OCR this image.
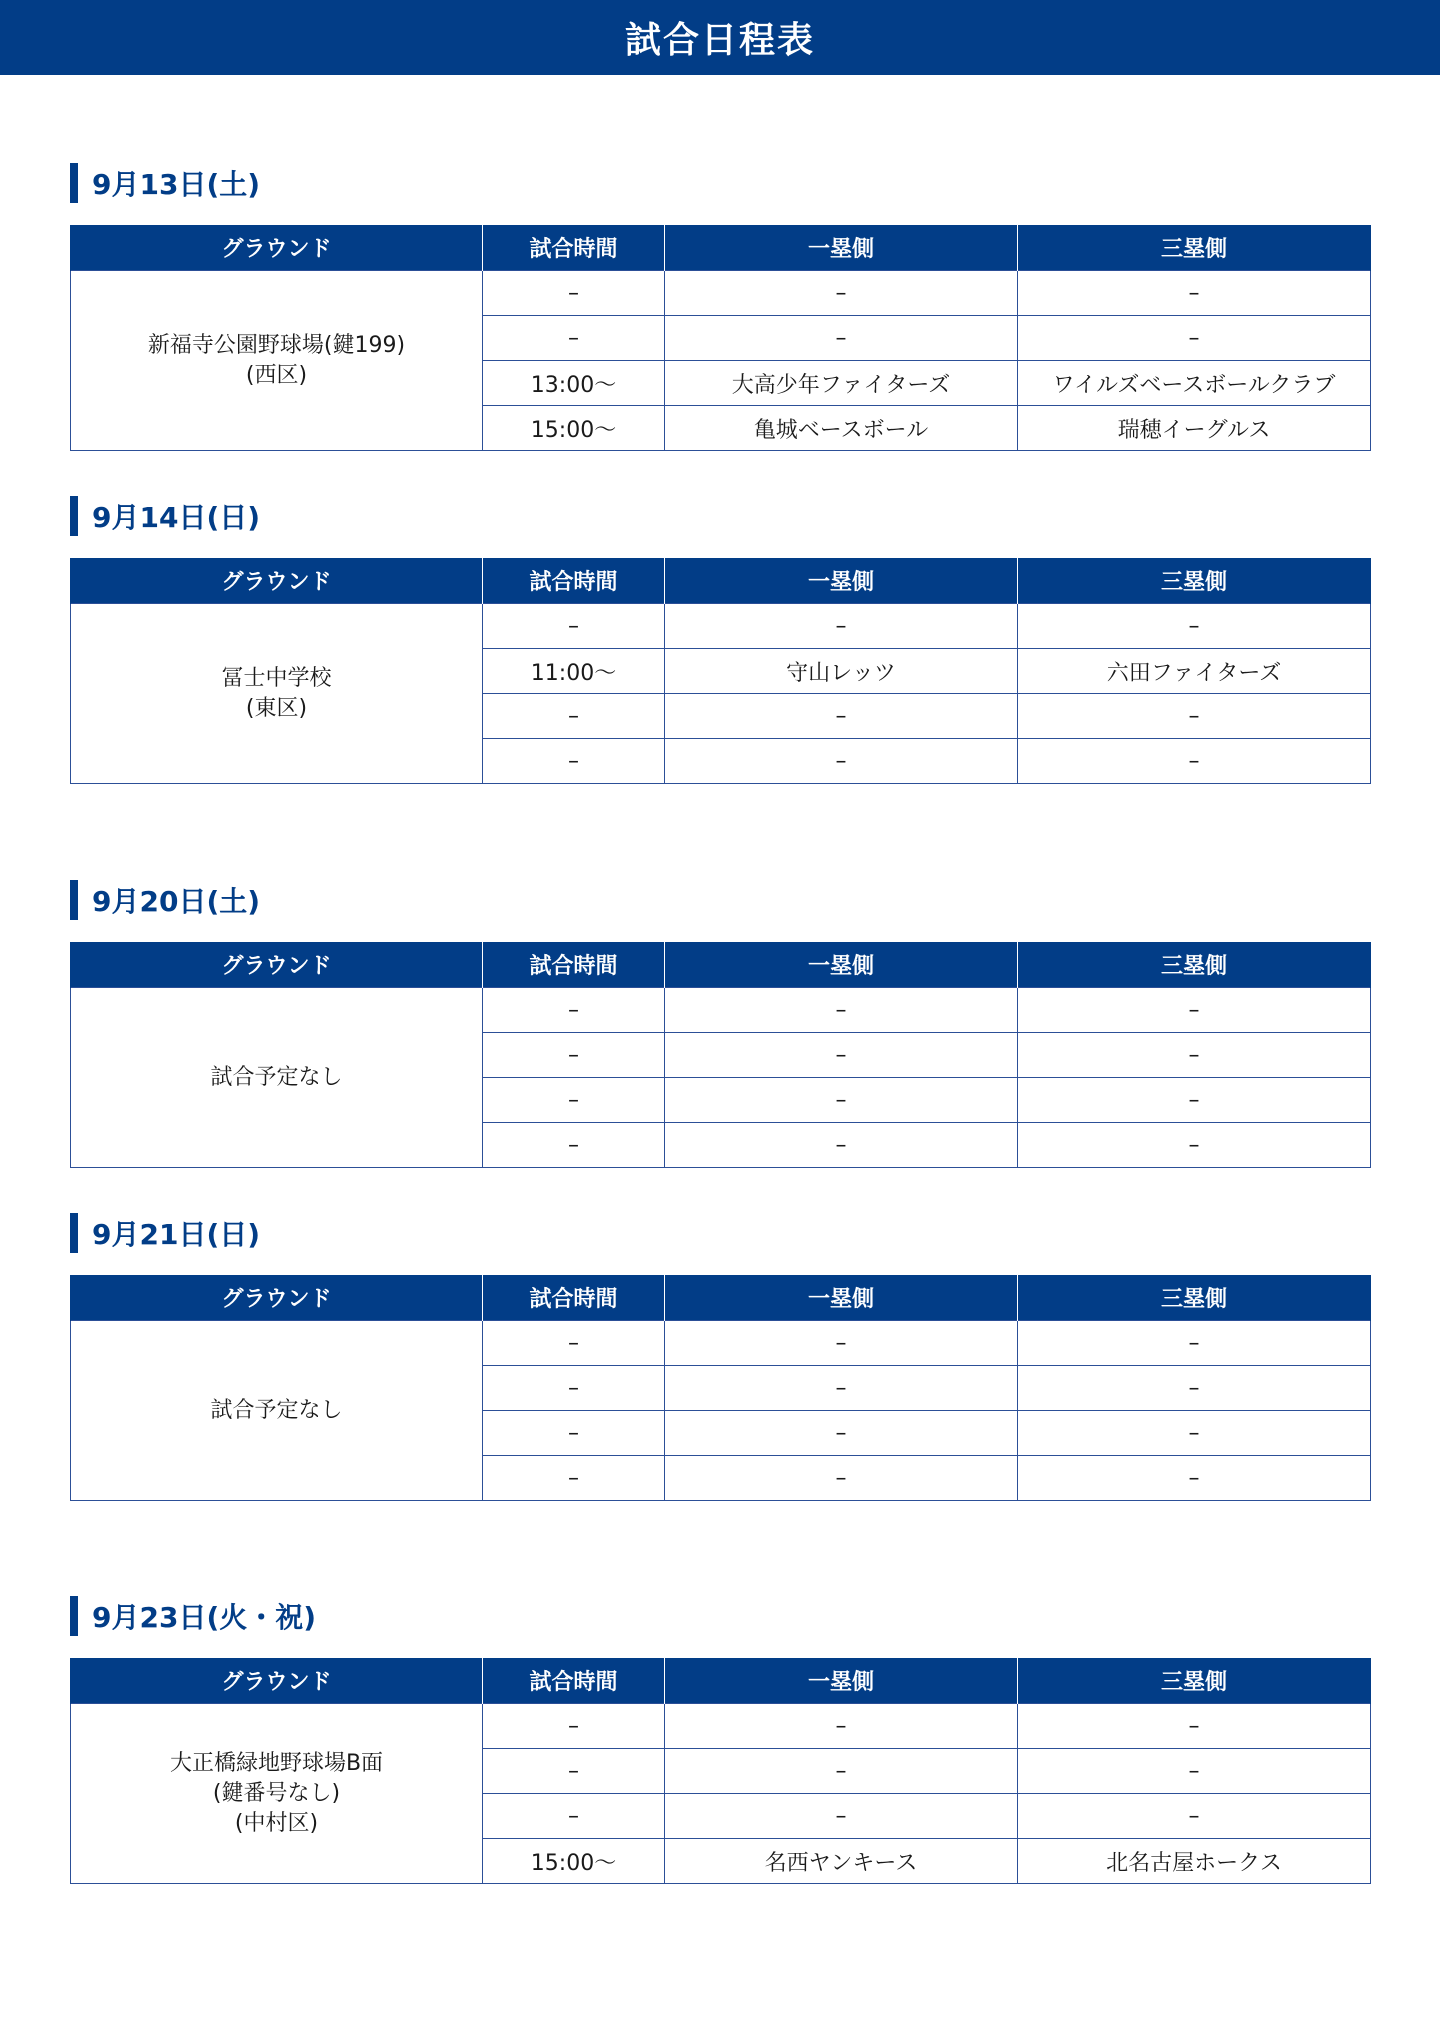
試合日程表
9月13日(土)
グラウンド	試合時間	一塁側	三塁側

新福寺公園野球場(鍵199)
(西区)	–	–	–
	–	–	–
	13:00〜	大高少年ファイターズ	ワイルズベースボールクラブ
	15:00〜	亀城ベースボール	瑞穂イーグルス
9月14日(日)
グラウンド	試合時間	一塁側	三塁側

冨士中学校
(東区)	–	–	–
	11:00〜	守山レッツ	六田ファイターズ
	–	–	–
	–	–	–
9月20日(土)
グラウンド	試合時間	一塁側	三塁側

試合予定なし	–	–	–
	–	–	–
	–	–	–
	–	–	–
9月21日(日)
グラウンド	試合時間	一塁側	三塁側

試合予定なし	–	–	–
	–	–	–
	–	–	–
	–	–	–
9月23日(火・祝)
グラウンド	試合時間	一塁側	三塁側

大正橋緑地野球場B面
(鍵番号なし)
(中村区)	–	–	–
	–	–	–
	–	–	–
	15:00〜	名西ヤンキース	北名古屋ホークス
